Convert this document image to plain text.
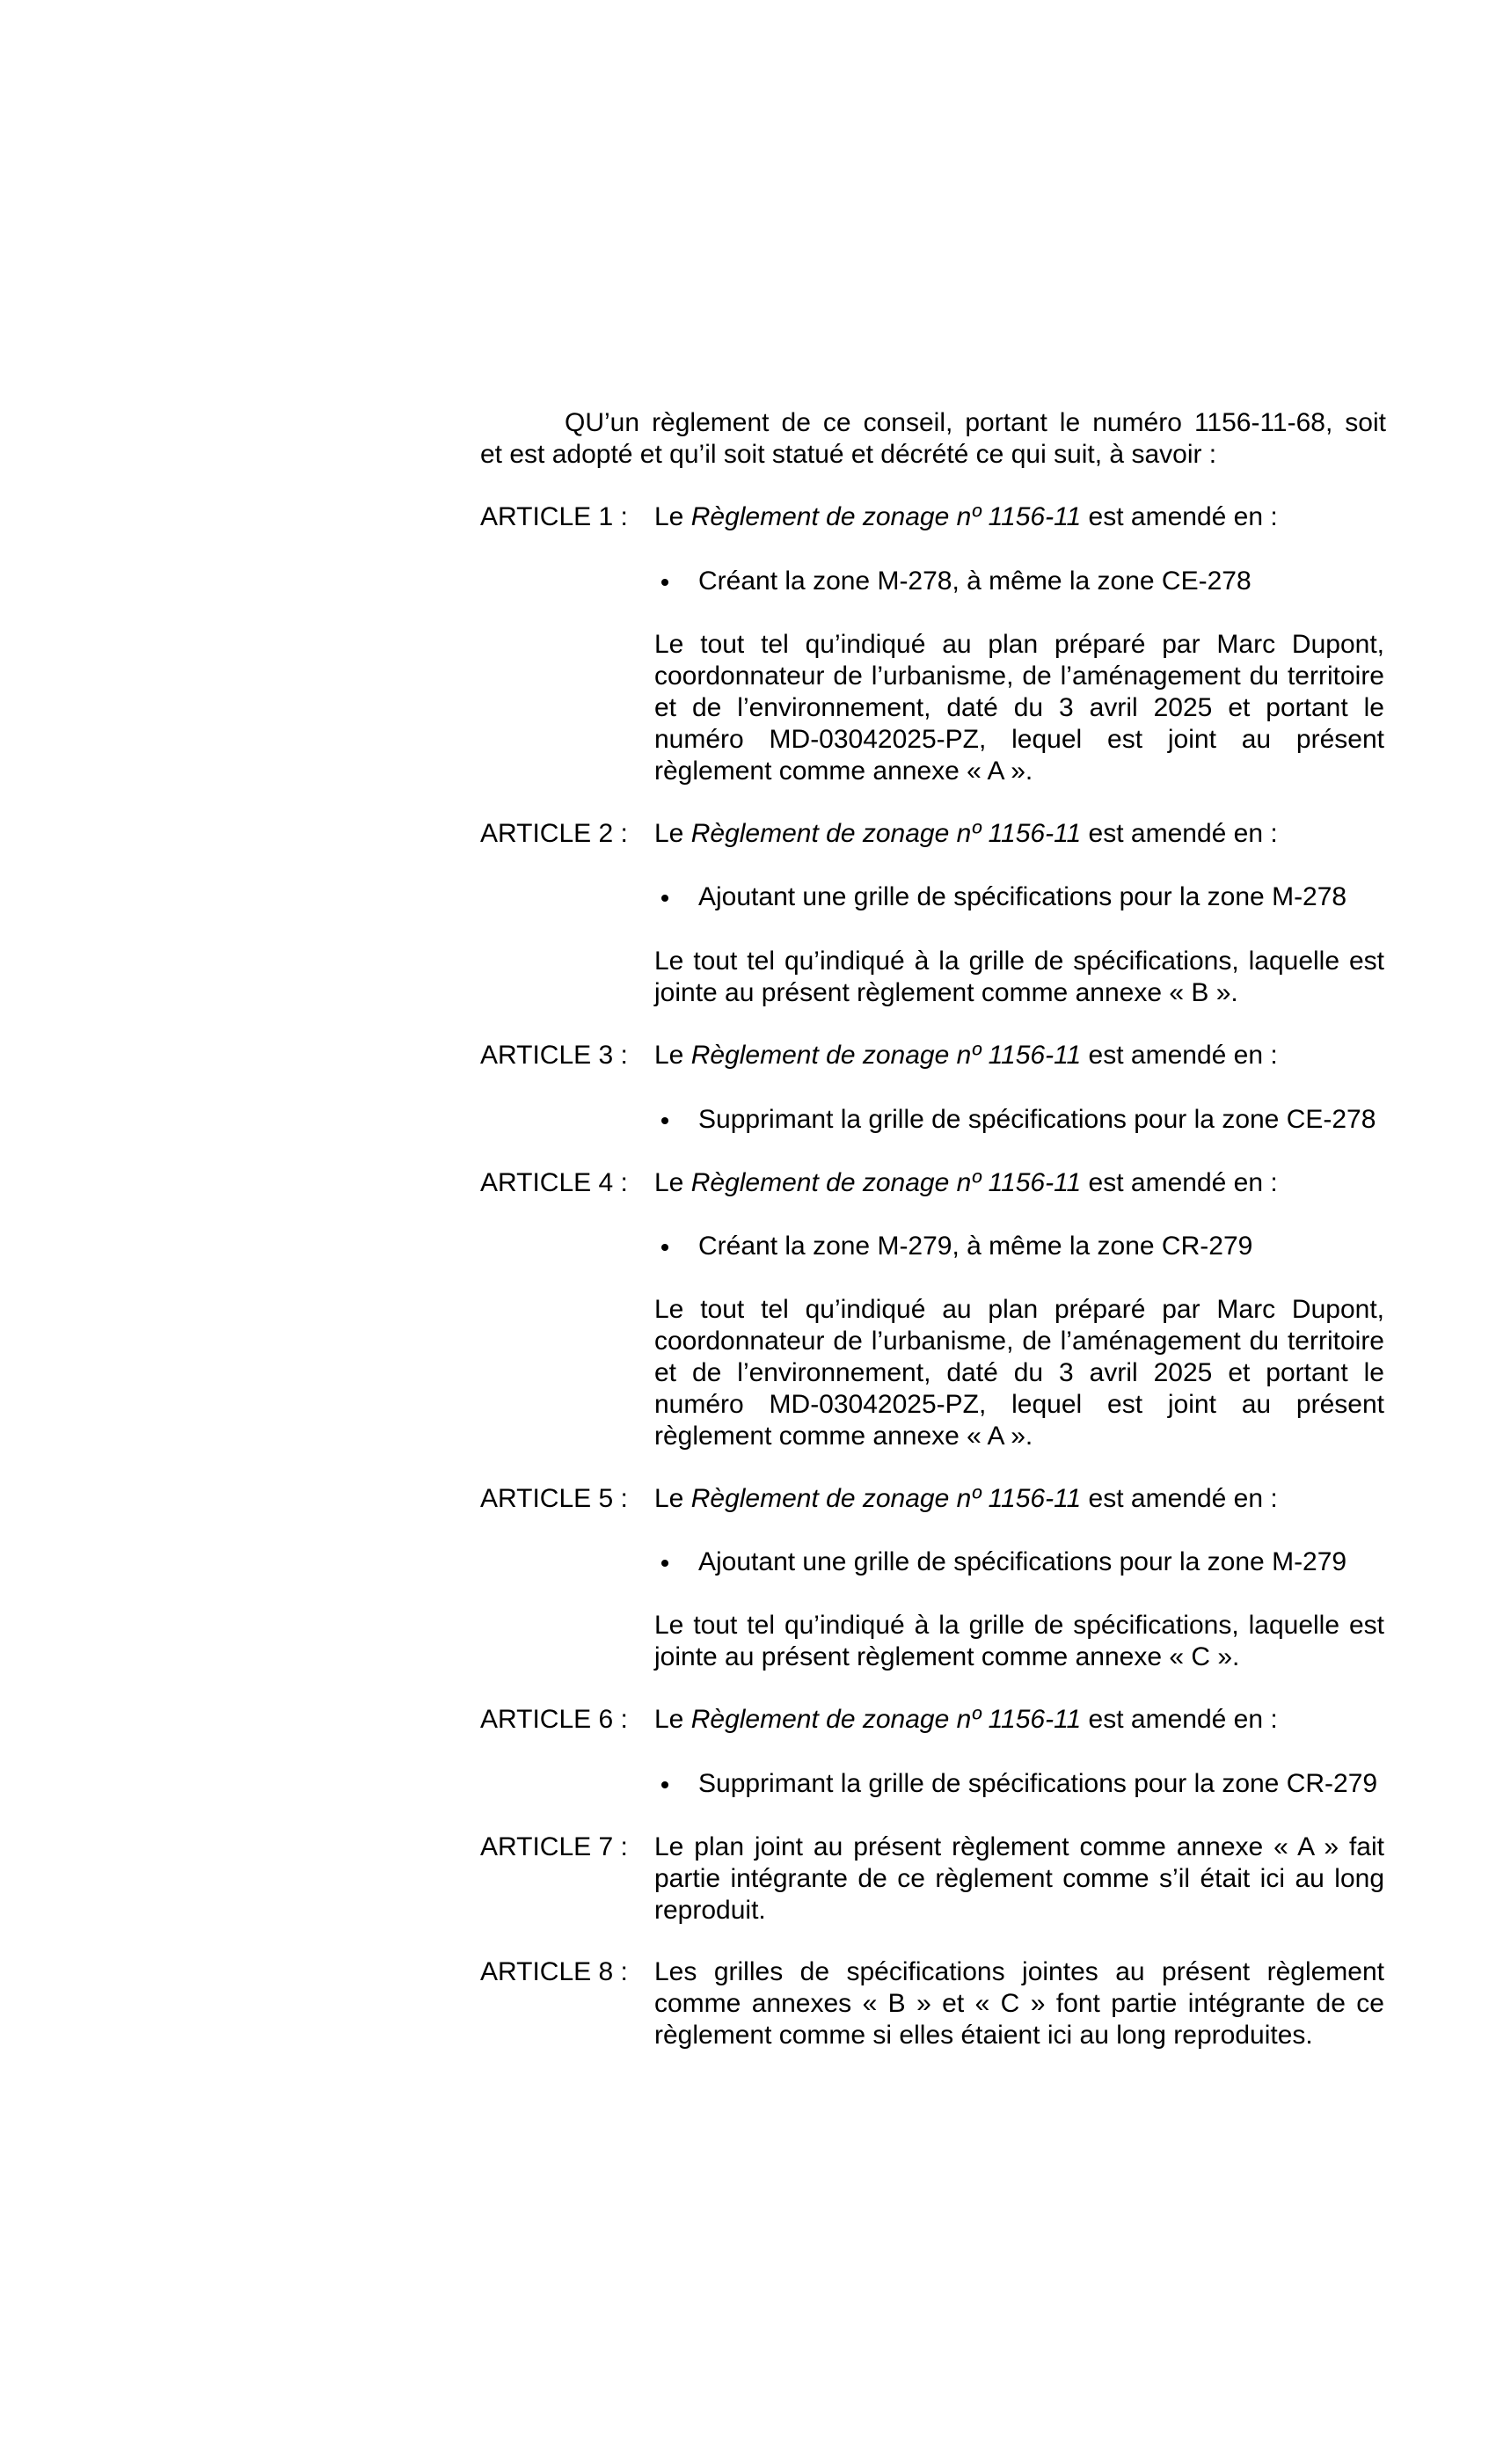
QU’un règlement de ce conseil, portant le numéro 1156-11-68, soit
et est adopté et qu’il soit statué et décrété ce qui suit, à savoir :
ARTICLE 1 : Le Règlement de zonage nº 1156-11 est amendé en :
Créant la zone M-278, à même la zone CE-278
Le tout tel qu’indiqué au plan préparé par Marc Dupont,
coordonnateur de l’urbanisme, de l’aménagement du territoire
et de l’environnement, daté du 3 avril 2025 et portant le
numéro MD-03042025-PZ, lequel est joint au présent
règlement comme annexe « A ».
ARTICLE 2 : Le Règlement de zonage nº 1156-11 est amendé en :
Ajoutant une grille de spécifications pour la zone M-278
Le tout tel qu’indiqué à la grille de spécifications, laquelle est
jointe au présent règlement comme annexe « B ».
ARTICLE 3 : Le Règlement de zonage nº 1156-11 est amendé en :
Supprimant la grille de spécifications pour la zone CE-278
ARTICLE 4 : Le Règlement de zonage nº 1156-11 est amendé en :
Créant la zone M-279, à même la zone CR-279
Le tout tel qu’indiqué au plan préparé par Marc Dupont,
coordonnateur de l’urbanisme, de l’aménagement du territoire
et de l’environnement, daté du 3 avril 2025 et portant le
numéro MD-03042025-PZ, lequel est joint au présent
règlement comme annexe « A ».
ARTICLE 5 : Le Règlement de zonage nº 1156-11 est amendé en :
Ajoutant une grille de spécifications pour la zone M-279
Le tout tel qu’indiqué à la grille de spécifications, laquelle est
jointe au présent règlement comme annexe « C ».
ARTICLE 6 : Le Règlement de zonage nº 1156-11 est amendé en :
Supprimant la grille de spécifications pour la zone CR-279
ARTICLE 7 : Le plan joint au présent règlement comme annexe « A » fait
partie intégrante de ce règlement comme s’il était ici au long
reproduit.
ARTICLE 8 : Les grilles de spécifications jointes au présent règlement
comme annexes « B » et « C » font partie intégrante de ce
règlement comme si elles étaient ici au long reproduites.
